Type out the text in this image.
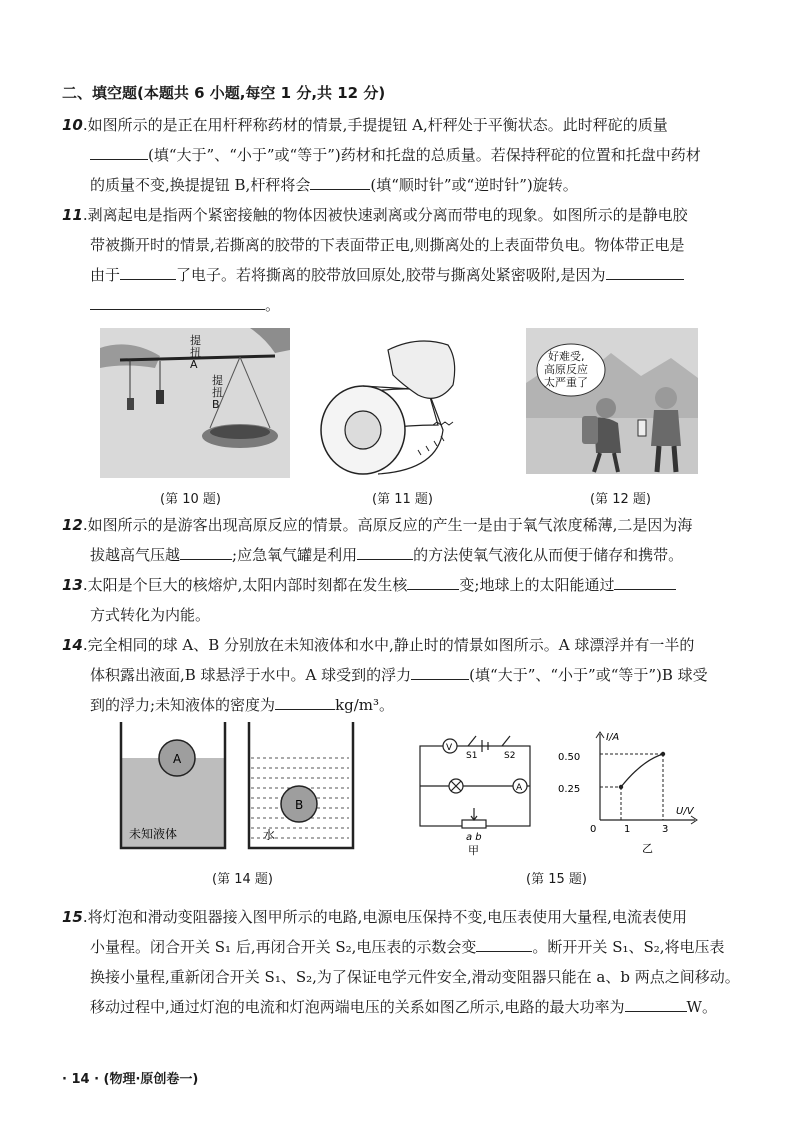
二、填空题(本题共 6 小题,每空 1 分,共 12 分)

10.如图所示的是正在用杆秤称药材的情景,手提提钮 A,杆秤处于平衡状态。此时秤砣的质量

(填“大于”、“小于”或“等于”)药材和托盘的总质量。若保持秤砣的位置和托盘中药材

的质量不变,换提提钮 B,杆秤将会	(填“顺时针”或“逆时针”)旋转。

11.剥离起电是指两个紧密接触的物体因被快速剥离或分离而带电的现象。如图所示的是静电胶

带被撕开时的情景,若撕离的胶带的下表面带正电,则撕离处的上表面带负电。物体带正电是

由于	了电子。若将撕离的胶带放回原处,胶带与撕离处紧密吸附,是因为

。

提扭 A
提扭 B
(第 10 题)	(第 11 题)
好难受, 高原反应 太严重了
(第 12 题)

12.如图所示的是游客出现高原反应的情景。高原反应的产生一是由于氧气浓度稀薄,二是因为海

拔越高气压越	;应急氧气罐是利用	的方法使氧气液化从而便于储存和携带。

13.太阳是个巨大的核熔炉,太阳内部时刻都在发生核	变;地球上的太阳能通过

方式转化为内能。

14.完全相同的球 A、B 分别放在未知液体和水中,静止时的情景如图所示。A 球漂浮并有一半的

体积露出液面,B 球悬浮于水中。A 球受到的浮力	(填“大于”、“小于”或“等于”)B 球受

到的浮力;未知液体的密度为	kg/m³。

A
未知液体
B
水
(第 14 题)
V
A
S1	S2
a b
甲
I/A
U/V
0.50
0.25
0	1	3
乙
(第 15 题)

15.将灯泡和滑动变阻器接入图甲所示的电路,电源电压保持不变,电压表使用大量程,电流表使用

小量程。闭合开关 S₁ 后,再闭合开关 S₂,电压表的示数会变	。断开开关 S₁、S₂,将电压表

换接小量程,重新闭合开关 S₁、S₂,为了保证电学元件安全,滑动变阻器只能在 a、b 两点之间移动。

移动过程中,通过灯泡的电流和灯泡两端电压的关系如图乙所示,电路的最大功率为	W。

· 14 · (物理·原创卷一)
